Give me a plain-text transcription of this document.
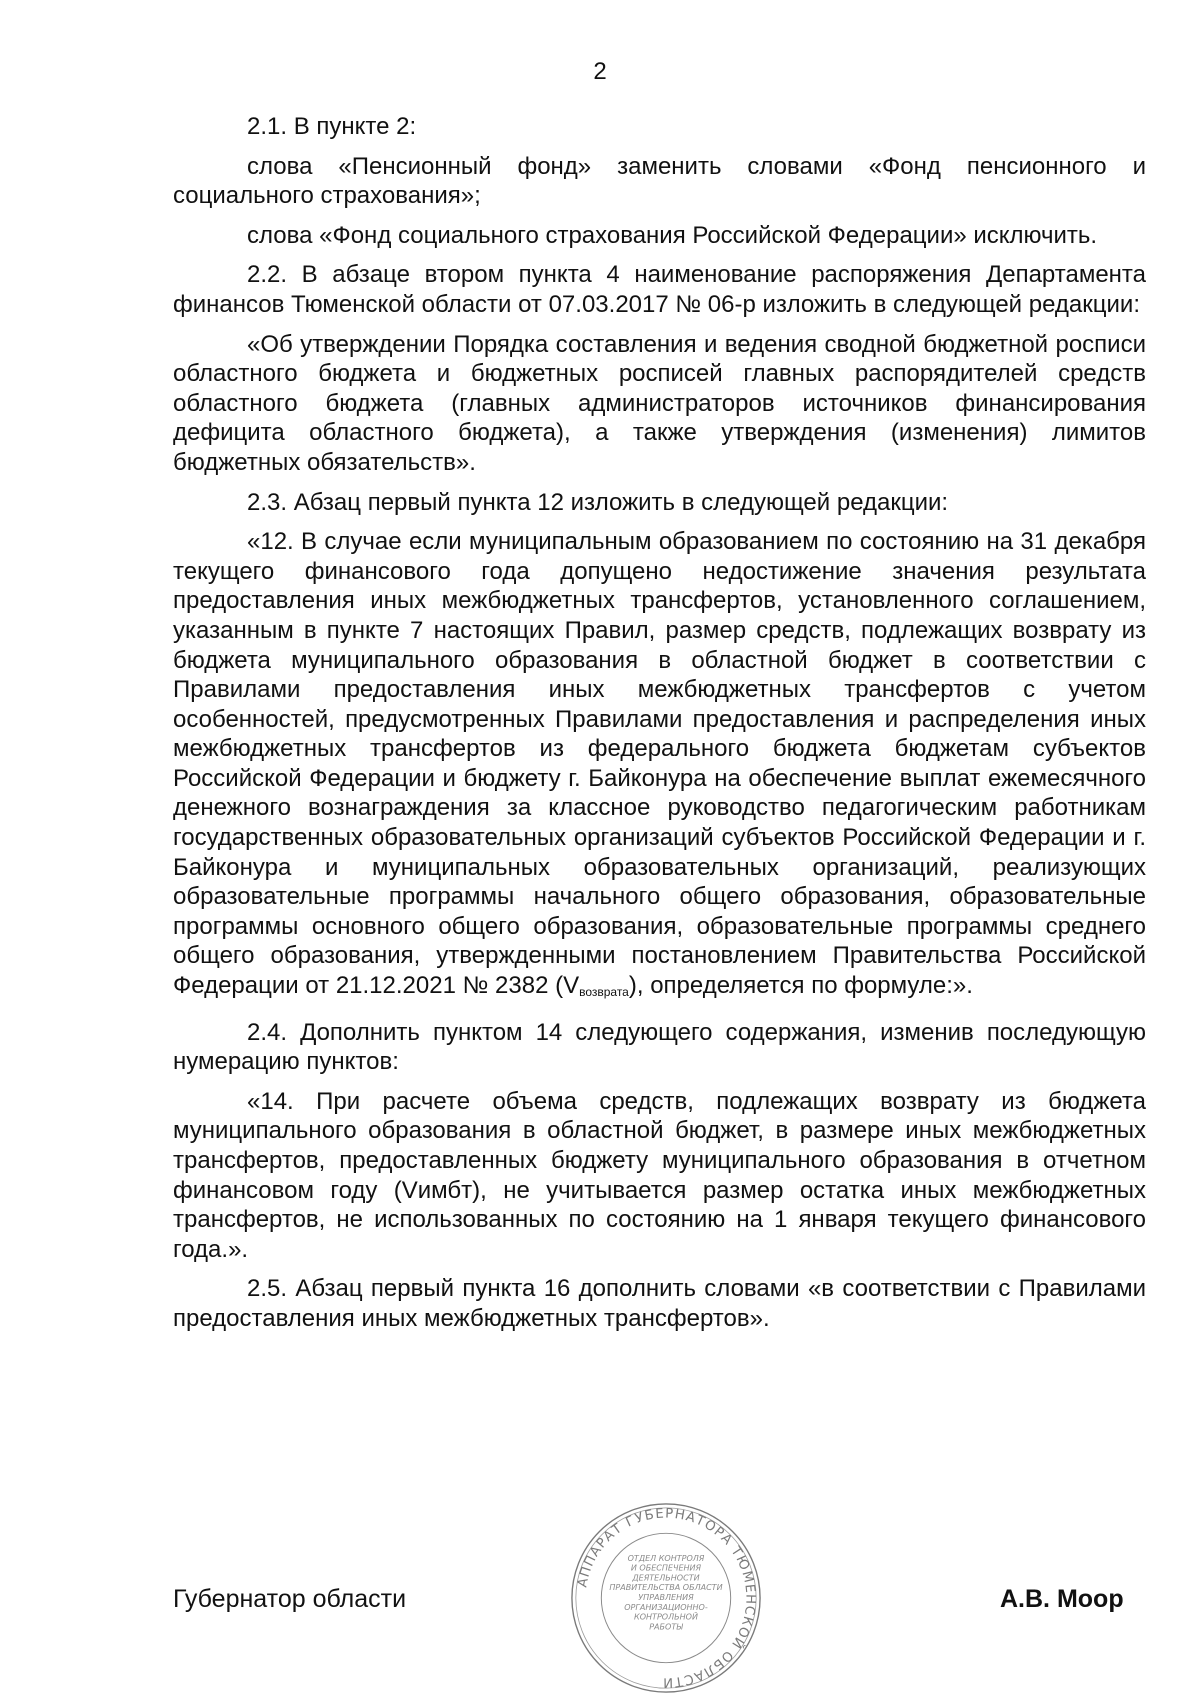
2

2.1. В пункте 2:

слова «Пенсионный фонд» заменить словами «Фонд пенсионного и социального страхования»;

слова «Фонд социального страхования Российской Федерации» исключить.

2.2. В абзаце втором пункта 4 наименование распоряжения Департамента финансов Тюменской области от 07.03.2017 № 06-р изложить в следующей редакции:

«Об утверждении Порядка составления и ведения сводной бюджетной росписи областного бюджета и бюджетных росписей главных распорядителей средств областного бюджета (главных администраторов источников финансирования дефицита областного бюджета), а также утверждения (изменения) лимитов бюджетных обязательств».

2.3. Абзац первый пункта 12 изложить в следующей редакции:

«12. В случае если муниципальным образованием по состоянию на 31 декабря текущего финансового года допущено недостижение значения результата предоставления иных межбюджетных трансфертов, установленного соглашением, указанным в пункте 7 настоящих Правил, размер средств, подлежащих возврату из бюджета муниципального образования в областной бюджет в соответствии с Правилами предоставления иных межбюджетных трансфертов с учетом особенностей, предусмотренных Правилами предоставления и распределения иных межбюджетных трансфертов из федерального бюджета бюджетам субъектов Российской Федерации и бюджету г. Байконура на обеспечение выплат ежемесячного денежного вознаграждения за классное руководство педагогическим работникам государственных образовательных организаций субъектов Российской Федерации и г. Байконура и муниципальных образовательных организаций, реализующих образовательные программы начального общего образования, образовательные программы основного общего образования, образовательные программы среднего общего образования, утвержденными постановлением Правительства Российской Федерации от 21.12.2021 № 2382 $(V_{возврата})$, определяется по формуле:».

2.4. Дополнить пунктом 14 следующего содержания, изменив последующую нумерацию пунктов:

«14. При расчете объема средств, подлежащих возврату из бюджета муниципального образования в областной бюджет, в размере иных межбюджетных трансфертов, предоставленных бюджету муниципального образования в отчетном финансовом году (Vимбт), не учитывается размер остатка иных межбюджетных трансфертов, не использованных по состоянию на 1 января текущего финансового года.».

2.5. Абзац первый пункта 16 дополнить словами «в соответствии с Правилами предоставления иных межбюджетных трансфертов».

АППАРАТ ГУБЕРНАТОРА ТЮМЕНСКОЙ ОБЛАСТИ
ОТДЕЛ КОНТРОЛЯ
И ОБЕСПЕЧЕНИЯ
ДЕЯТЕЛЬНОСТИ
ПРАВИТЕЛЬСТВА ОБЛАСТИ
УПРАВЛЕНИЯ
ОРГАНИЗАЦИОННО-
КОНТРОЛЬНОЙ
РАБОТЫ
Губернатор области	А.В. Моор
